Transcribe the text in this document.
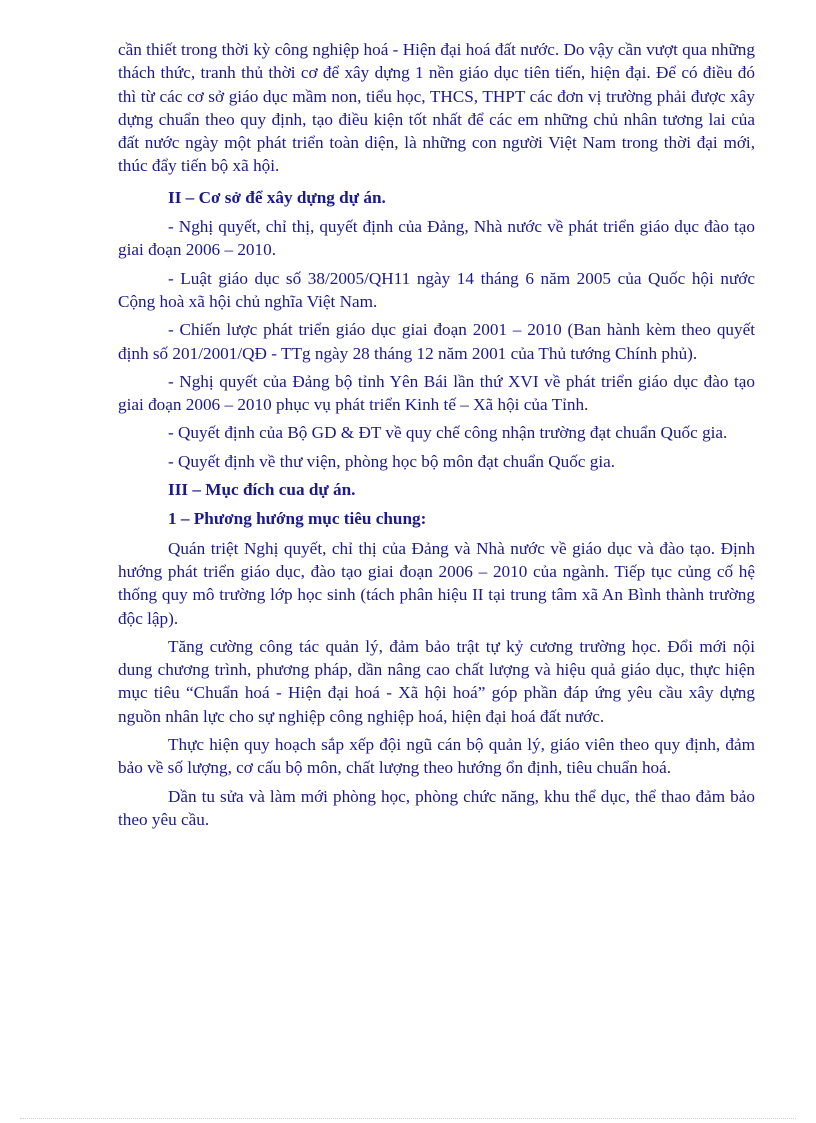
cần thiết trong thời kỳ công nghiệp hoá - Hiện đại hoá đất nước. Do vậy cần vượt qua những thách thức, tranh thủ thời cơ để xây dựng 1 nền giáo dục tiên tiến, hiện đại. Để có điều đó thì từ các cơ sở giáo dục mầm non, tiểu học, THCS, THPT các đơn vị trường phải được xây dựng chuẩn theo quy định, tạo điều kiện tốt nhất để các em những chủ nhân tương lai của đất nước ngày một phát triển toàn diện, là những con người Việt Nam trong thời đại mới, thúc đẩy tiến bộ xã hội.

II – Cơ sở để xây dựng dự án.

- Nghị quyết, chỉ thị, quyết định của Đảng, Nhà nước về phát triển giáo dục đào tạo giai đoạn 2006 – 2010.

- Luật giáo dục số 38/2005/QH11 ngày 14 tháng 6 năm 2005 của Quốc hội nước Cộng hoà xã hội chủ nghĩa Việt Nam.

- Chiến lược phát triển giáo dục giai đoạn 2001 – 2010 (Ban hành kèm theo quyết định số 201/2001/QĐ - TTg ngày 28 tháng 12 năm 2001 của Thủ tướng Chính phủ).

- Nghị quyết của Đảng bộ tỉnh Yên Bái lần thứ XVI về phát triển giáo dục đào tạo giai đoạn 2006 – 2010 phục vụ phát triển Kinh tế – Xã hội của Tỉnh.

- Quyết định của Bộ GD & ĐT về quy chế công nhận trường đạt chuẩn Quốc gia.

- Quyết định về thư viện, phòng học bộ môn đạt chuẩn Quốc gia.

III – Mục đích cua dự án.

1 – Phương hướng mục tiêu chung:

Quán triệt Nghị quyết, chỉ thị của Đảng và Nhà nước về giáo dục và đào tạo. Định hướng phát triển giáo dục, đào tạo giai đoạn 2006 – 2010 của ngành. Tiếp tục củng cố hệ thống quy mô trường lớp học sinh (tách phân hiệu II tại trung tâm xã An Bình thành trường độc lập).

Tăng cường công tác quản lý, đảm bảo trật tự kỷ cương trường học. Đổi mới nội dung chương trình, phương pháp, dần nâng cao chất lượng và hiệu quả giáo dục, thực hiện mục tiêu “Chuẩn hoá - Hiện đại hoá - Xã hội hoá” góp phần đáp ứng yêu cầu xây dựng nguồn nhân lực cho sự nghiệp công nghiệp hoá, hiện đại hoá đất nước.

Thực hiện quy hoạch sắp xếp đội ngũ cán bộ quản lý, giáo viên theo quy định, đảm bảo về số lượng, cơ cấu bộ môn, chất lượng theo hướng ổn định, tiêu chuẩn hoá.

Dần tu sửa và làm mới phòng học, phòng chức năng, khu thể dục, thể thao đảm bảo theo yêu cầu.
